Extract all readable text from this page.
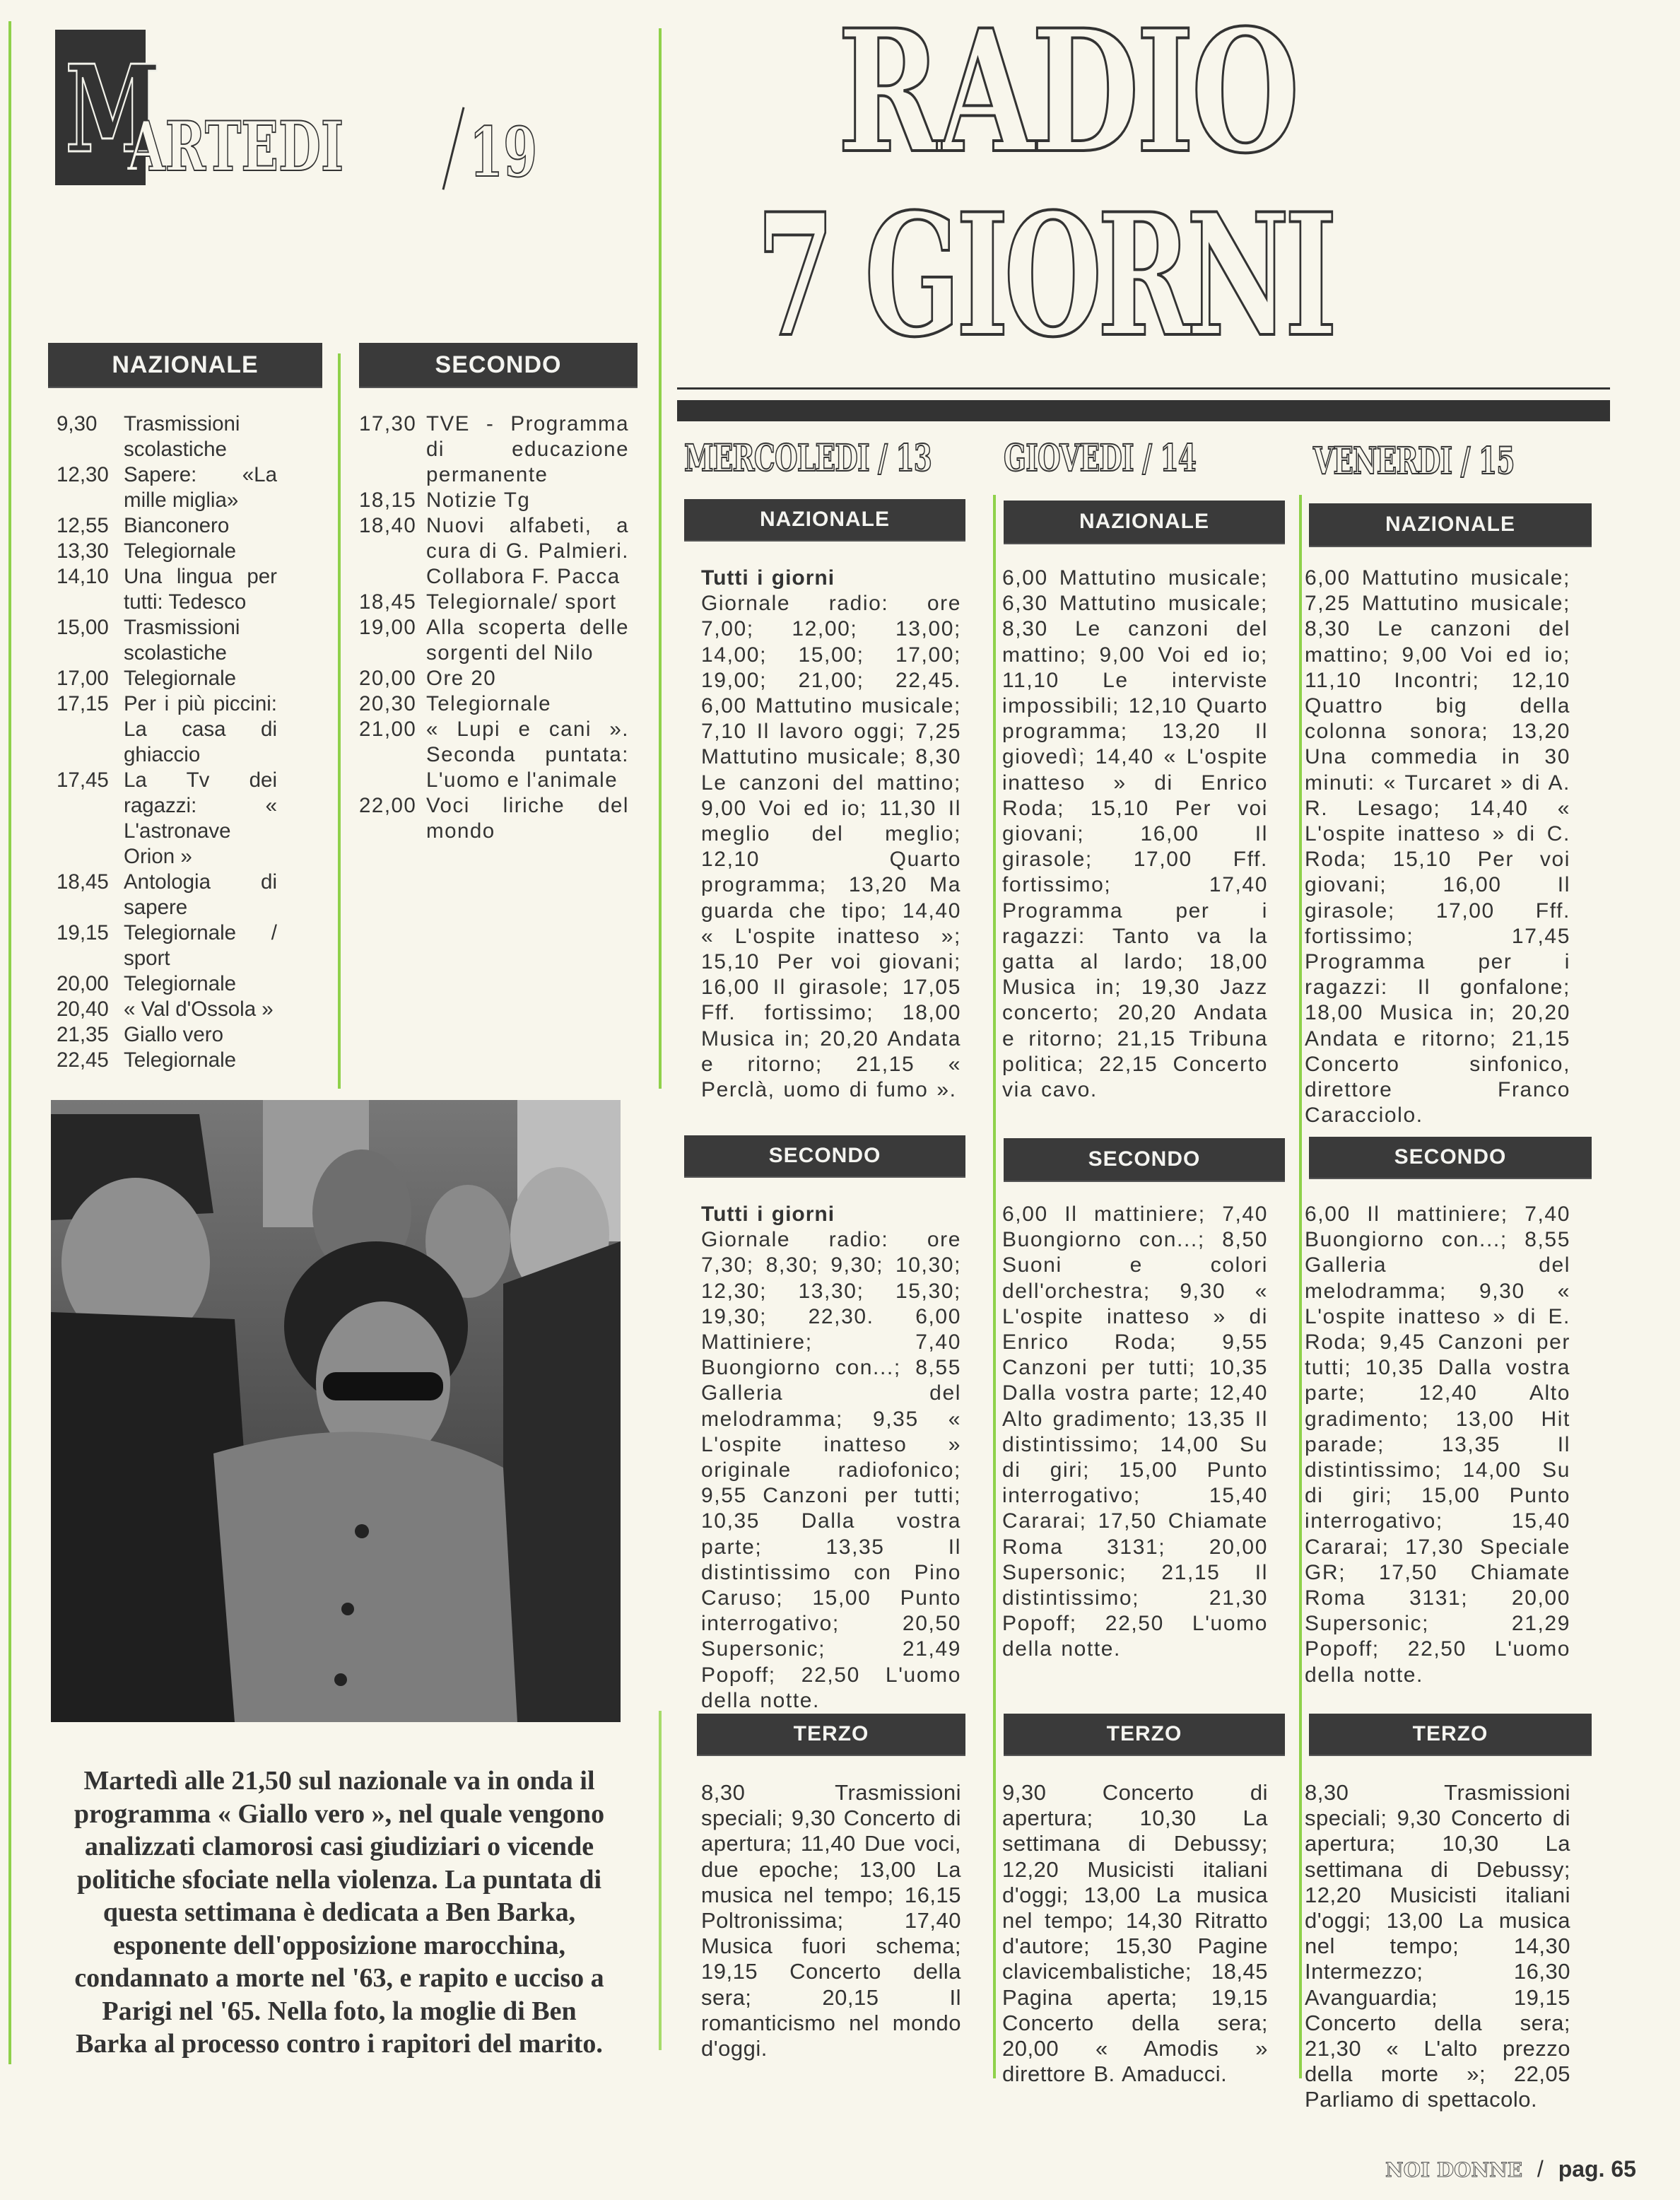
M
ARTEDI	19
NAZIONALE
9,30	Trasmissioni scolastiche
12,30 Sapere: «La mille miglia»
12,55 Bianconero
13,30 Telegiornale
14,10 Una lingua per tutti: Tedesco
15,00 Trasmissioni scolastiche
17,00 Telegiornale
17,15 Per i più piccini: La casa di ghiaccio
17,45 La Tv dei ragazzi: « L'astronave Orion »
18,45 Antologia di sapere
19,15 Telegiornale / sport
20,00 Telegiornale
20,40 « Val d'Ossola »
21,35 Giallo vero
22,45 Telegiornale
SECONDO
17,30 TVE - Programma di educazione permanente
18,15 Notizie Tg
18,40 Nuovi alfabeti, a cura di G. Palmieri. Collabora F. Pacca
18,45 Telegiornale/ sport
19,00 Alla scoperta delle sorgenti del Nilo
20,00 Ore 20
20,30 Telegiornale
21,00 « Lupi e cani ». Seconda puntata: L'uomo e l'animale
22,00 Voci liriche del mondo
Martedì alle 21,50 sul nazionale va in onda il programma « Giallo vero », nel quale vengono analizzati clamorosi casi giudiziari o vicende politiche sfociate nella violenza. La puntata di questa settimana è dedicata a Ben Barka, esponente dell'opposizione marocchina, condannato a morte nel '63, e rapito e ucciso a Parigi nel '65. Nella foto, la moglie di Ben Barka al processo contro i rapitori del marito.
RADIO
7 GIORNI
MERCOLEDI / 13
NAZIONALE
Tutti i giorni
Giornale radio: ore 7,00; 12,00; 13,00; 14,00; 15,00; 17,00; 19,00; 21,00; 22,45. 6,00 Mattutino musicale; 7,10 Il lavoro oggi; 7,25 Mattutino musicale; 8,30 Le canzoni del mattino; 9,00 Voi ed io; 11,30 Il meglio del meglio; 12,10 Quarto programma; 13,20 Ma guarda che tipo; 14,40 « L'ospite inatteso »; 15,10 Per voi giovani; 16,00 Il girasole; 17,05 Fff. fortissimo; 18,00 Musica in; 20,20 Andata e ritorno; 21,15 « Perclà, uomo di fumo ».
SECONDO
Tutti i giorni
Giornale radio: ore 7,30; 8,30; 9,30; 10,30; 12,30; 13,30; 15,30; 19,30; 22,30. 6,00 Mattiniere; 7,40 Buongiorno con...; 8,55 Galleria del melodramma; 9,35 « L'ospite inatteso » originale radiofonico; 9,55 Canzoni per tutti; 10,35 Dalla vostra parte; 13,35 Il distintissimo con Pino Caruso; 15,00 Punto interrogativo; 20,50 Supersonic; 21,49 Popoff; 22,50 L'uomo della notte.
TERZO
8,30 Trasmissioni speciali; 9,30 Concerto di apertura; 11,40 Due voci, due epoche; 13,00 La musica nel tempo; 16,15 Poltronissima; 17,40 Musica fuori schema; 19,15 Concerto della sera; 20,15 Il romanticismo nel mondo d'oggi.
GIOVEDI / 14
NAZIONALE
6,00 Mattutino musicale; 6,30 Mattutino musicale; 8,30 Le canzoni del mattino; 9,00 Voi ed io; 11,10 Le interviste impossibili; 12,10 Quarto programma; 13,20 Il giovedì; 14,40 « L'ospite inatteso » di Enrico Roda; 15,10 Per voi giovani; 16,00 Il girasole; 17,00 Fff. fortissimo; 17,40 Programma per i ragazzi: Tanto va la gatta al lardo; 18,00 Musica in; 19,30 Jazz concerto; 20,20 Andata e ritorno; 21,15 Tribuna politica; 22,15 Concerto via cavo.
SECONDO
6,00 Il mattiniere; 7,40 Buongiorno con...; 8,50 Suoni e colori dell'orchestra; 9,30 « L'ospite inatteso » di Enrico Roda; 9,55 Canzoni per tutti; 10,35 Dalla vostra parte; 12,40 Alto gradimento; 13,35 Il distintissimo; 14,00 Su di giri; 15,00 Punto interrogativo; 15,40 Cararai; 17,50 Chiamate Roma 3131; 20,00 Supersonic; 21,15 Il distintissimo; 21,30 Popoff; 22,50 L'uomo della notte.
TERZO
9,30 Concerto di apertura; 10,30 La settimana di Debussy; 12,20 Musicisti italiani d'oggi; 13,00 La musica nel tempo; 14,30 Ritratto d'autore; 15,30 Pagine clavicembalistiche; 18,45 Pagina aperta; 19,15 Concerto della sera; 20,00 « Amodis » direttore B. Amaducci.
VENERDI / 15
NAZIONALE
6,00 Mattutino musicale; 7,25 Mattutino musicale; 8,30 Le canzoni del mattino; 9,00 Voi ed io; 11,10 Incontri; 12,10 Quattro big della colonna sonora; 13,20 Una commedia in 30 minuti: « Turcaret » di A. R. Lesago; 14,40 « L'ospite inatteso » di C. Roda; 15,10 Per voi giovani; 16,00 Il girasole; 17,00 Fff. fortissimo; 17,45 Programma per i ragazzi: Il gonfalone; 18,00 Musica in; 20,20 Andata e ritorno; 21,15 Concerto sinfonico, direttore Franco Caracciolo.
SECONDO
6,00 Il mattiniere; 7,40 Buongiorno con...; 8,55 Galleria del melodramma; 9,30 « L'ospite inatteso » di E. Roda; 9,45 Canzoni per tutti; 10,35 Dalla vostra parte; 12,40 Alto gradimento; 13,00 Hit parade; 13,35 Il distintissimo; 14,00 Su di giri; 15,00 Punto interrogativo; 15,40 Cararai; 17,30 Speciale GR; 17,50 Chiamate Roma 3131; 20,00 Supersonic; 21,29 Popoff; 22,50 L'uomo della notte.
TERZO
8,30 Trasmissioni speciali; 9,30 Concerto di apertura; 10,30 La settimana di Debussy; 12,20 Musicisti italiani d'oggi; 13,00 La musica nel tempo; 14,30 Intermezzo; 16,30 Avanguardia; 19,15 Concerto della sera; 21,30 « L'alto prezzo della morte »; 22,05 Parliamo di spettacolo.
NOI DONNE / pag. 65
